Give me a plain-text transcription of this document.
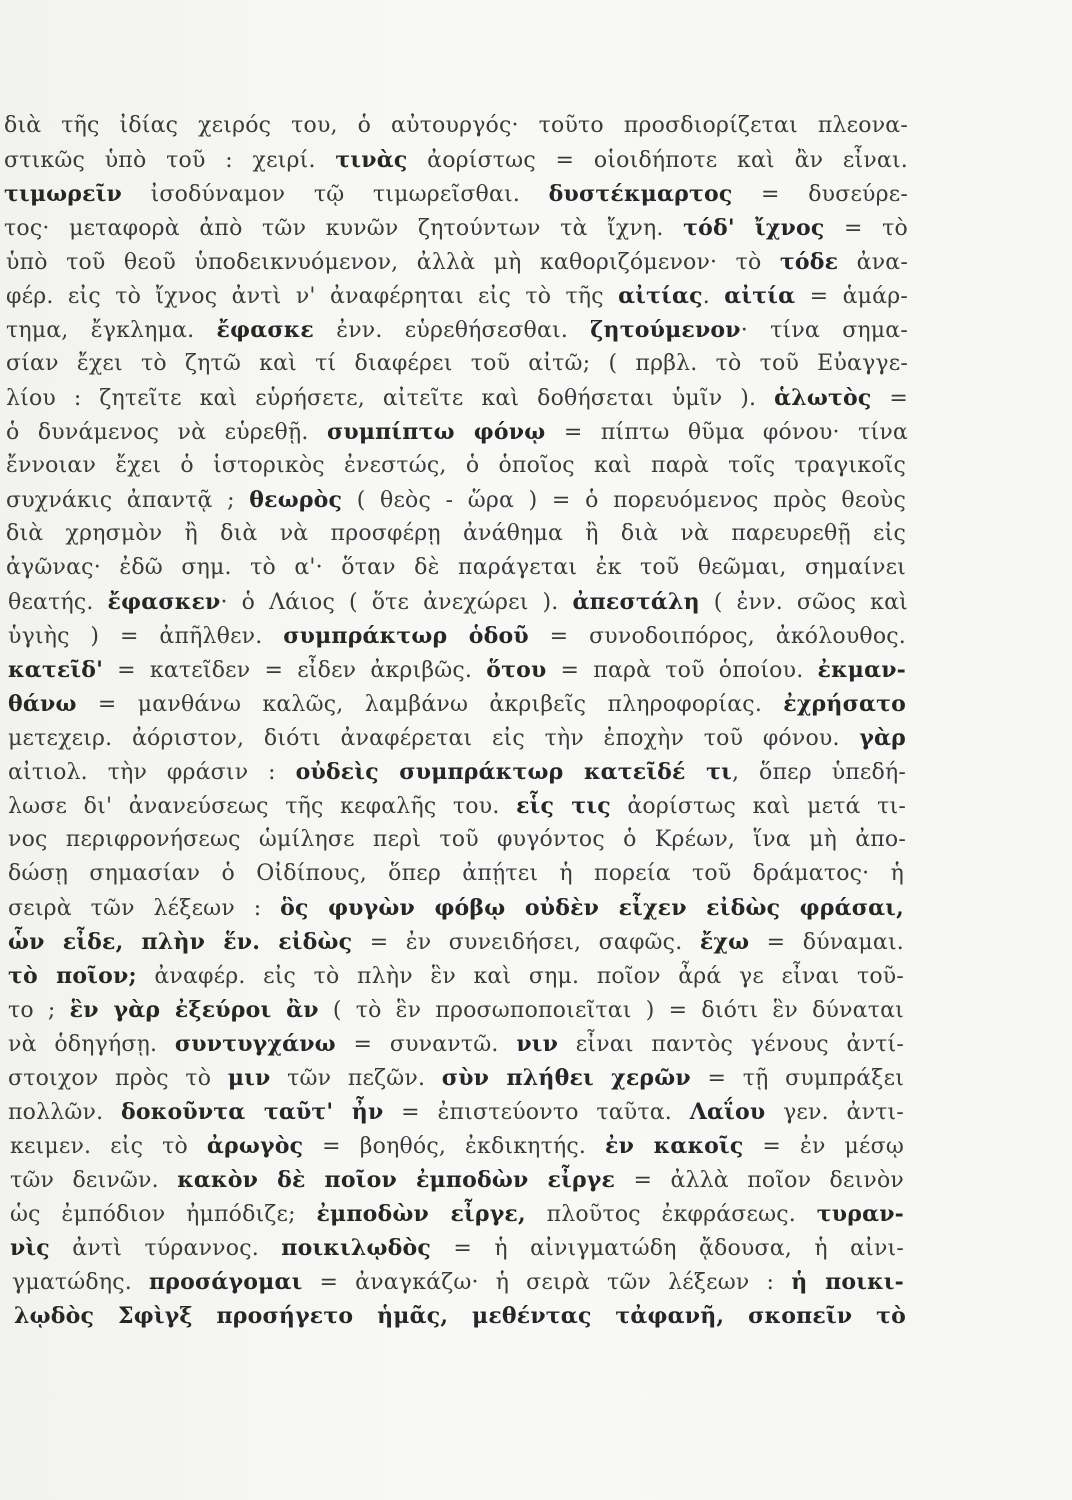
διὰ τῆς ἰδίας χειρός του, ὁ αὐτουργός· τοῦτο προσδιορίζεται πλεονα-
στικῶς ὑπὸ τοῦ : χειρί. τινὰς ἀορίστως = οἱοιδήποτε καὶ ἂν εἶναι.
τιμωρεῖν ἰσοδύναμον τῷ τιμωρεῖσθαι. δυστέκμαρτος = δυσεύρε-
τος· μεταφορὰ ἀπὸ τῶν κυνῶν ζητούντων τὰ ἴχνη. τόδ' ἴχνος = τὸ
ὑπὸ τοῦ θεοῦ ὑποδεικνυόμενον, ἀλλὰ μὴ καθοριζόμενον· τὸ τόδε ἀνα-
φέρ. εἰς τὸ ἴχνος ἀντὶ ν' ἀναφέρηται εἰς τὸ τῆς αἰτίας. αἰτία = ἁμάρ-
τημα, ἔγκλημα. ἔφασκε ἐνν. εὑρεθήσεσθαι. ζητούμενον· τίνα σημα-
σίαν ἔχει τὸ ζητῶ καὶ τί διαφέρει τοῦ αἰτῶ; ( πρβλ. τὸ τοῦ Εὐαγγε-
λίου : ζητεῖτε καὶ εὑρήσετε, αἰτεῖτε καὶ δοθήσεται ὑμῖν ). ἁλωτὸς =
ὁ δυνάμενος νὰ εὑρεθῇ. συμπίπτω φόνῳ = πίπτω θῦμα φόνου· τίνα
ἔννοιαν ἔχει ὁ ἱστορικὸς ἐνεστώς, ὁ ὁποῖος καὶ παρὰ τοῖς τραγικοῖς
συχνάκις ἀπαντᾷ ; θεωρὸς ( θεὸς - ὥρα ) = ὁ πορευόμενος πρὸς θεοὺς
διὰ χρησμὸν ἢ διὰ νὰ προσφέρῃ ἀνάθημα ἢ διὰ νὰ παρευρεθῇ εἰς
ἀγῶνας· ἐδῶ σημ. τὸ α'· ὅταν δὲ παράγεται ἐκ τοῦ θεῶμαι, σημαίνει
θεατής. ἔφασκεν· ὁ Λάιος ( ὅτε ἀνεχώρει ). ἀπεστάλη ( ἐνν. σῶος καὶ
ὑγιὴς ) = ἀπῆλθεν. συμπράκτωρ ὁδοῦ = συνοδοιπόρος, ἀκόλουθος.
κατεῖδ' = κατεῖδεν = εἶδεν ἀκριβῶς. ὅτου = παρὰ τοῦ ὁποίου. ἐκμαν-
θάνω = μανθάνω καλῶς, λαμβάνω ἀκριβεῖς πληροφορίας. ἐχρήσατο
μετεχειρ. ἀόριστον, διότι ἀναφέρεται εἰς τὴν ἐποχὴν τοῦ φόνου. γὰρ
αἰτιολ. τὴν φράσιν : οὐδεὶς συμπράκτωρ κατεῖδέ τι, ὅπερ ὑπεδή-
λωσε δι' ἀνανεύσεως τῆς κεφαλῆς του. εἷς τις ἀορίστως καὶ μετά τι-
νος περιφρονήσεως ὡμίλησε περὶ τοῦ φυγόντος ὁ Κρέων, ἵνα μὴ ἀπο-
δώσῃ σημασίαν ὁ Οἰδίπους, ὅπερ ἀπῄτει ἡ πορεία τοῦ δράματος· ἡ
σειρὰ τῶν λέξεων : ὃς φυγὼν φόβῳ οὐδὲν εἶχεν εἰδὼς φράσαι,
ὧν εἶδε, πλὴν ἕν. εἰδὼς = ἐν συνειδήσει, σαφῶς. ἔχω = δύναμαι.
τὸ ποῖον; ἀναφέρ. εἰς τὸ πλὴν ἓν καὶ σημ. ποῖον ἆρά γε εἶναι τοῦ-
το ; ἓν γὰρ ἐξεύροι ἂν ( τὸ ἓν προσωποποιεῖται ) = διότι ἓν δύναται
νὰ ὁδηγήσῃ. συντυγχάνω = συναντῶ. νιν εἶναι παντὸς γένους ἀντί-
στοιχον πρὸς τὸ μιν τῶν πεζῶν. σὺν πλήθει χερῶν = τῇ συμπράξει
πολλῶν. δοκοῦντα ταῦτ' ἦν = ἐπιστεύοντο ταῦτα. Λαΐου γεν. ἀντι-
κειμεν. εἰς τὸ ἀρωγὸς = βοηθός, ἐκδικητής. ἐν κακοῖς = ἐν μέσῳ
τῶν δεινῶν. κακὸν δὲ ποῖον ἐμποδὼν εἶργε = ἀλλὰ ποῖον δεινὸν
ὡς ἐμπόδιον ἠμπόδιζε; ἐμποδὼν εἶργε, πλοῦτος ἐκφράσεως. τυραν-
νὶς ἀντὶ τύραννος. ποικιλῳδὸς = ἡ αἰνιγματώδη ᾄδουσα, ἡ αἰνι-
γματώδης. προσάγομαι = ἀναγκάζω· ἡ σειρὰ τῶν λέξεων : ἡ ποικι-
λῳδὸς Σφὶγξ προσήγετο ἡμᾶς, μεθέντας τἀφανῆ, σκοπεῖν τὸ
